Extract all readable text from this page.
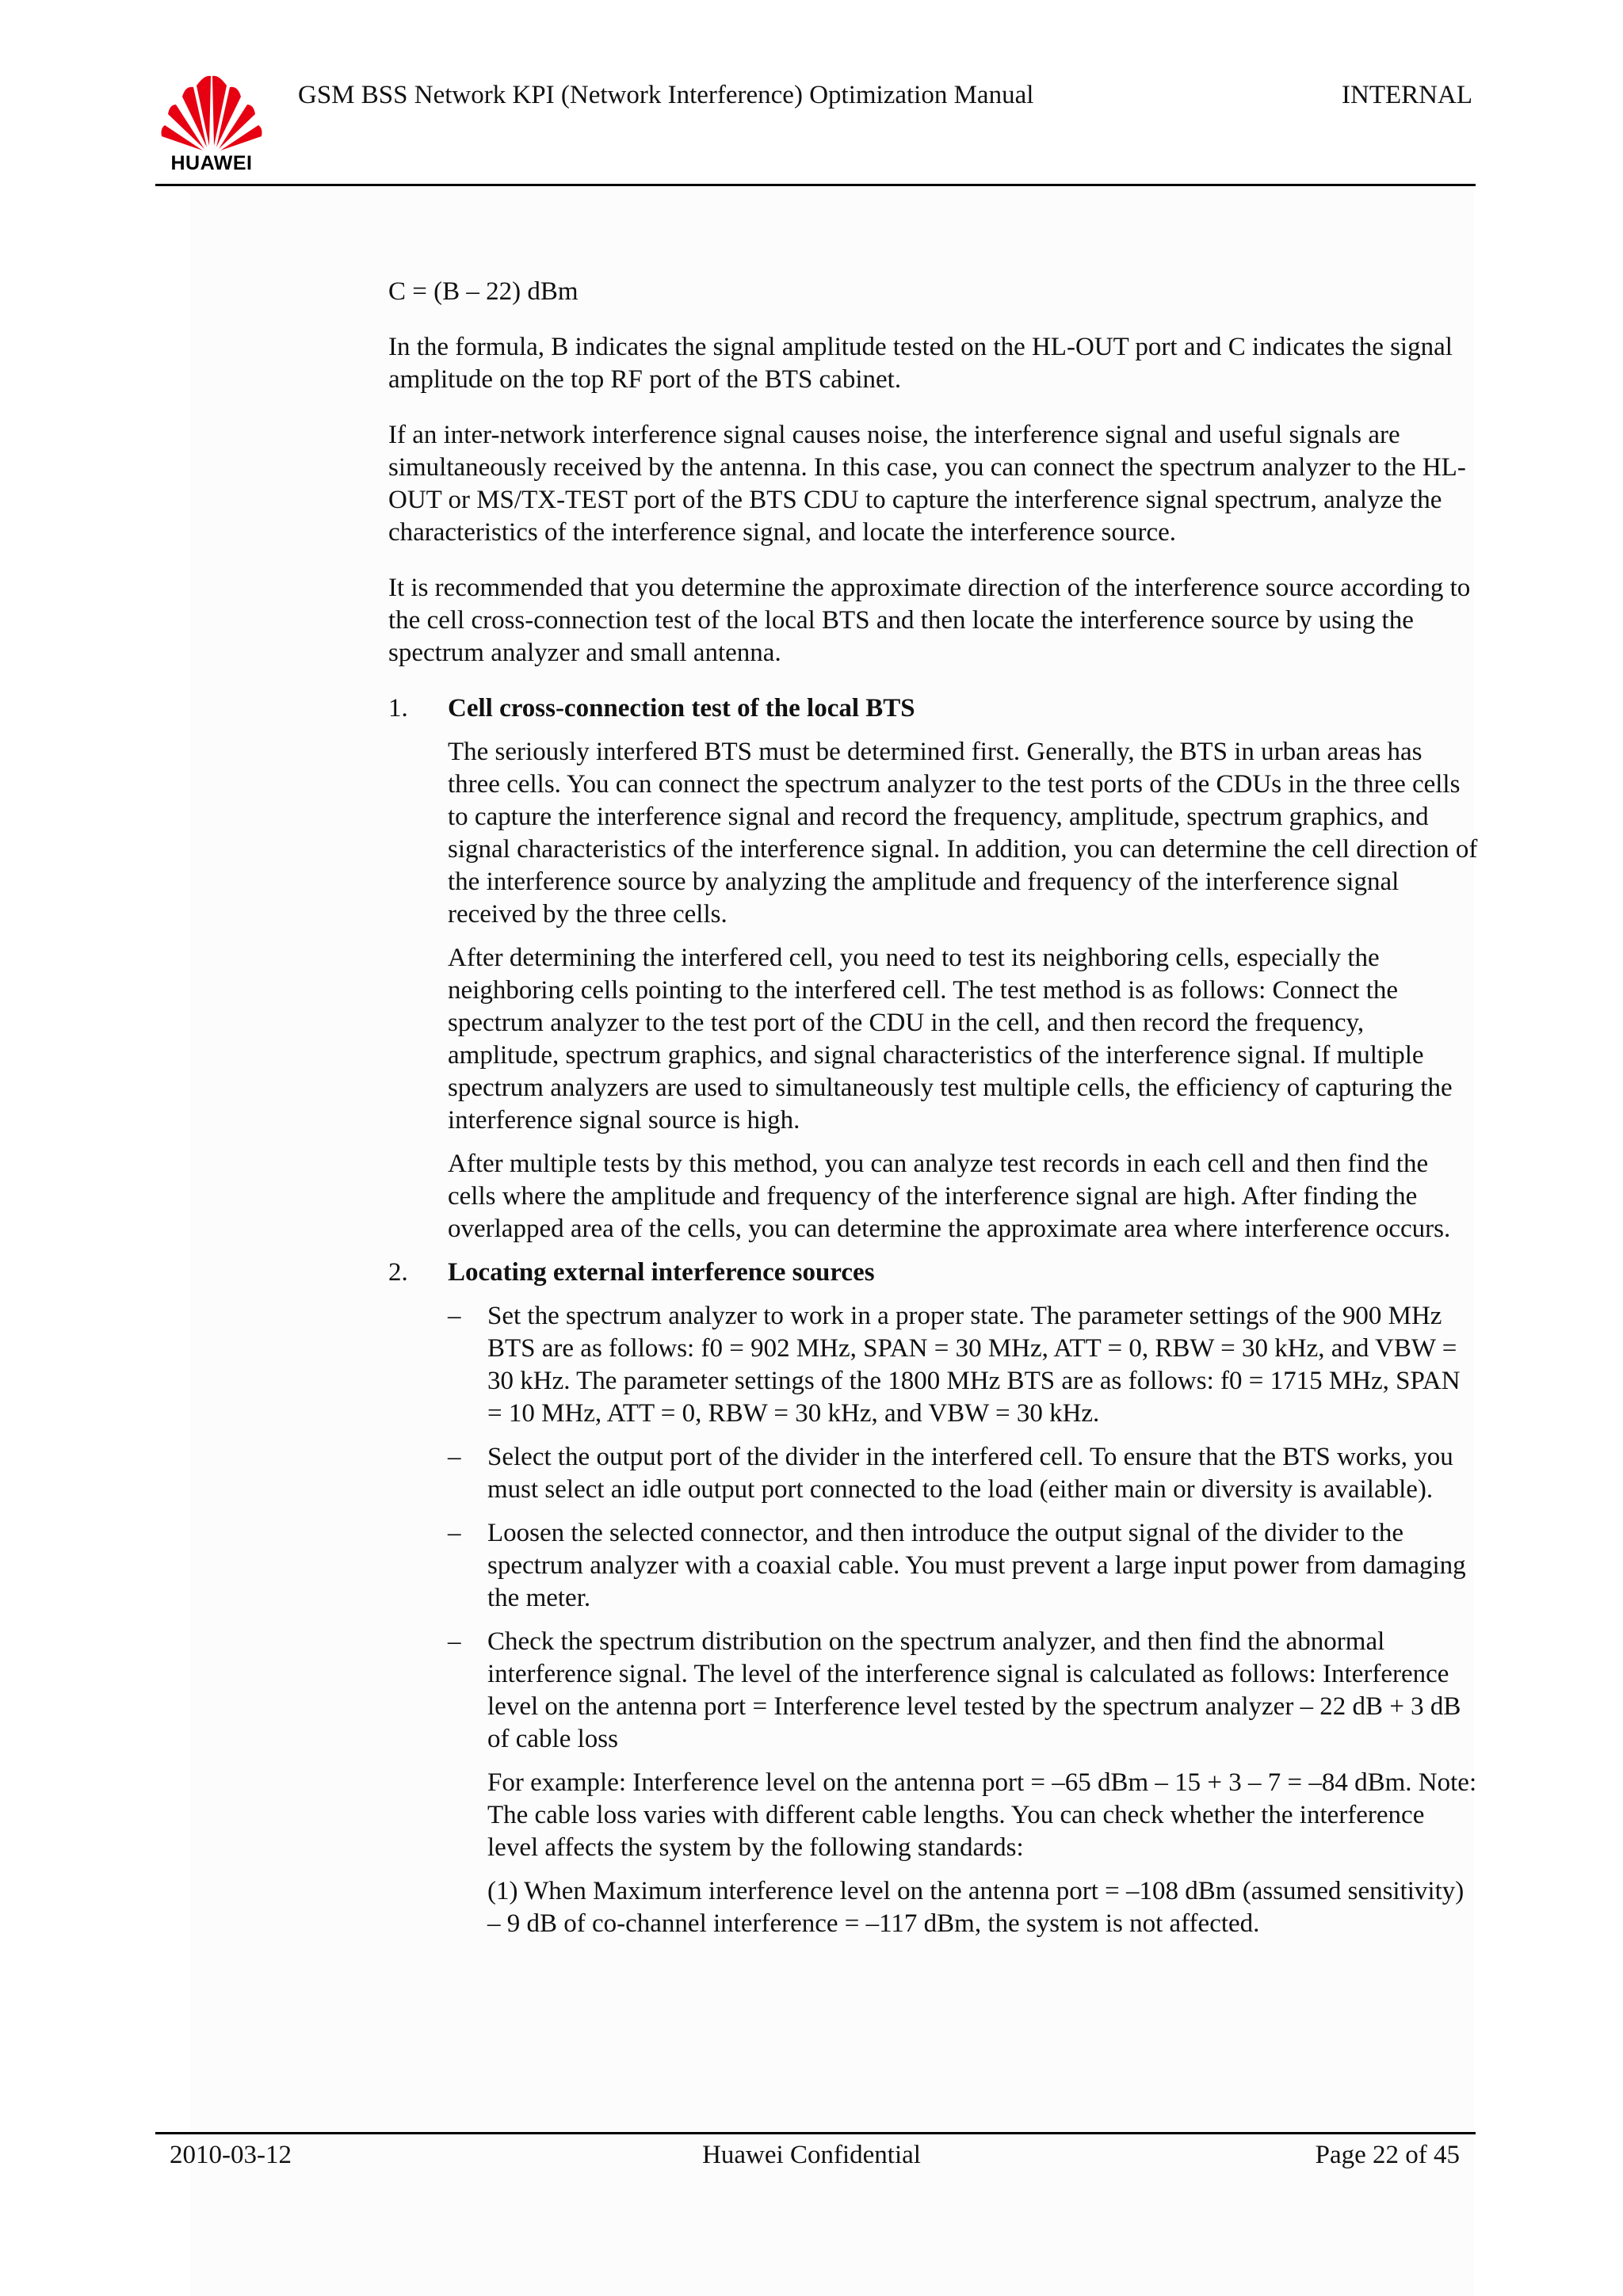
HUAWEI
GSM BSS Network KPI (Network Interference) Optimization Manual	INTERNAL

C = (B – 22) dBm

In the formula, B indicates the signal amplitude tested on the HL-OUT port and C indicates the signal amplitude on the top RF port of the BTS cabinet.

If an inter-network interference signal causes noise, the interference signal and useful signals are simultaneously received by the antenna. In this case, you can connect the spectrum analyzer to the HL-OUT or MS/TX-TEST port of the BTS CDU to capture the interference signal spectrum, analyze the characteristics of the interference signal, and locate the interference source.

It is recommended that you determine the approximate direction of the interference source according to the cell cross-connection test of the local BTS and then locate the interference source by using the spectrum analyzer and small antenna.

1. Cell cross-connection test of the local BTS

The seriously interfered BTS must be determined first. Generally, the BTS in urban areas has three cells. You can connect the spectrum analyzer to the test ports of the CDUs in the three cells to capture the interference signal and record the frequency, amplitude, spectrum graphics, and signal characteristics of the interference signal. In addition, you can determine the cell direction of the interference source by analyzing the amplitude and frequency of the interference signal received by the three cells.

After determining the interfered cell, you need to test its neighboring cells, especially the neighboring cells pointing to the interfered cell. The test method is as follows: Connect the spectrum analyzer to the test port of the CDU in the cell, and then record the frequency, amplitude, spectrum graphics, and signal characteristics of the interference signal. If multiple spectrum analyzers are used to simultaneously test multiple cells, the efficiency of capturing the interference signal source is high.

After multiple tests by this method, you can analyze test records in each cell and then find the cells where the amplitude and frequency of the interference signal are high. After finding the overlapped area of the cells, you can determine the approximate area where interference occurs.

2. Locating external interference sources
– Set the spectrum analyzer to work in a proper state. The parameter settings of the 900 MHz BTS are as follows: f0 = 902 MHz, SPAN = 30 MHz, ATT = 0, RBW = 30 kHz, and VBW = 30 kHz. The parameter settings of the 1800 MHz BTS are as follows: f0 = 1715 MHz, SPAN = 10 MHz, ATT = 0, RBW = 30 kHz, and VBW = 30 kHz.

– Select the output port of the divider in the interfered cell. To ensure that the BTS works, you must select an idle output port connected to the load (either main or diversity is available).

– Loosen the selected connector, and then introduce the output signal of the divider to the spectrum analyzer with a coaxial cable. You must prevent a large input power from damaging the meter.

– Check the spectrum distribution on the spectrum analyzer, and then find the abnormal interference signal. The level of the interference signal is calculated as follows: Interference level on the antenna port = Interference level tested by the spectrum analyzer – 22 dB + 3 dB of cable loss

For example: Interference level on the antenna port = –65 dBm – 15 + 3 – 7 = –84 dBm. Note: The cable loss varies with different cable lengths. You can check whether the interference level affects the system by the following standards:

(1) When Maximum interference level on the antenna port = –108 dBm (assumed sensitivity) – 9 dB of co-channel interference = –117 dBm, the system is not affected.

2010-03-12	Huawei Confidential	Page 22 of 45
